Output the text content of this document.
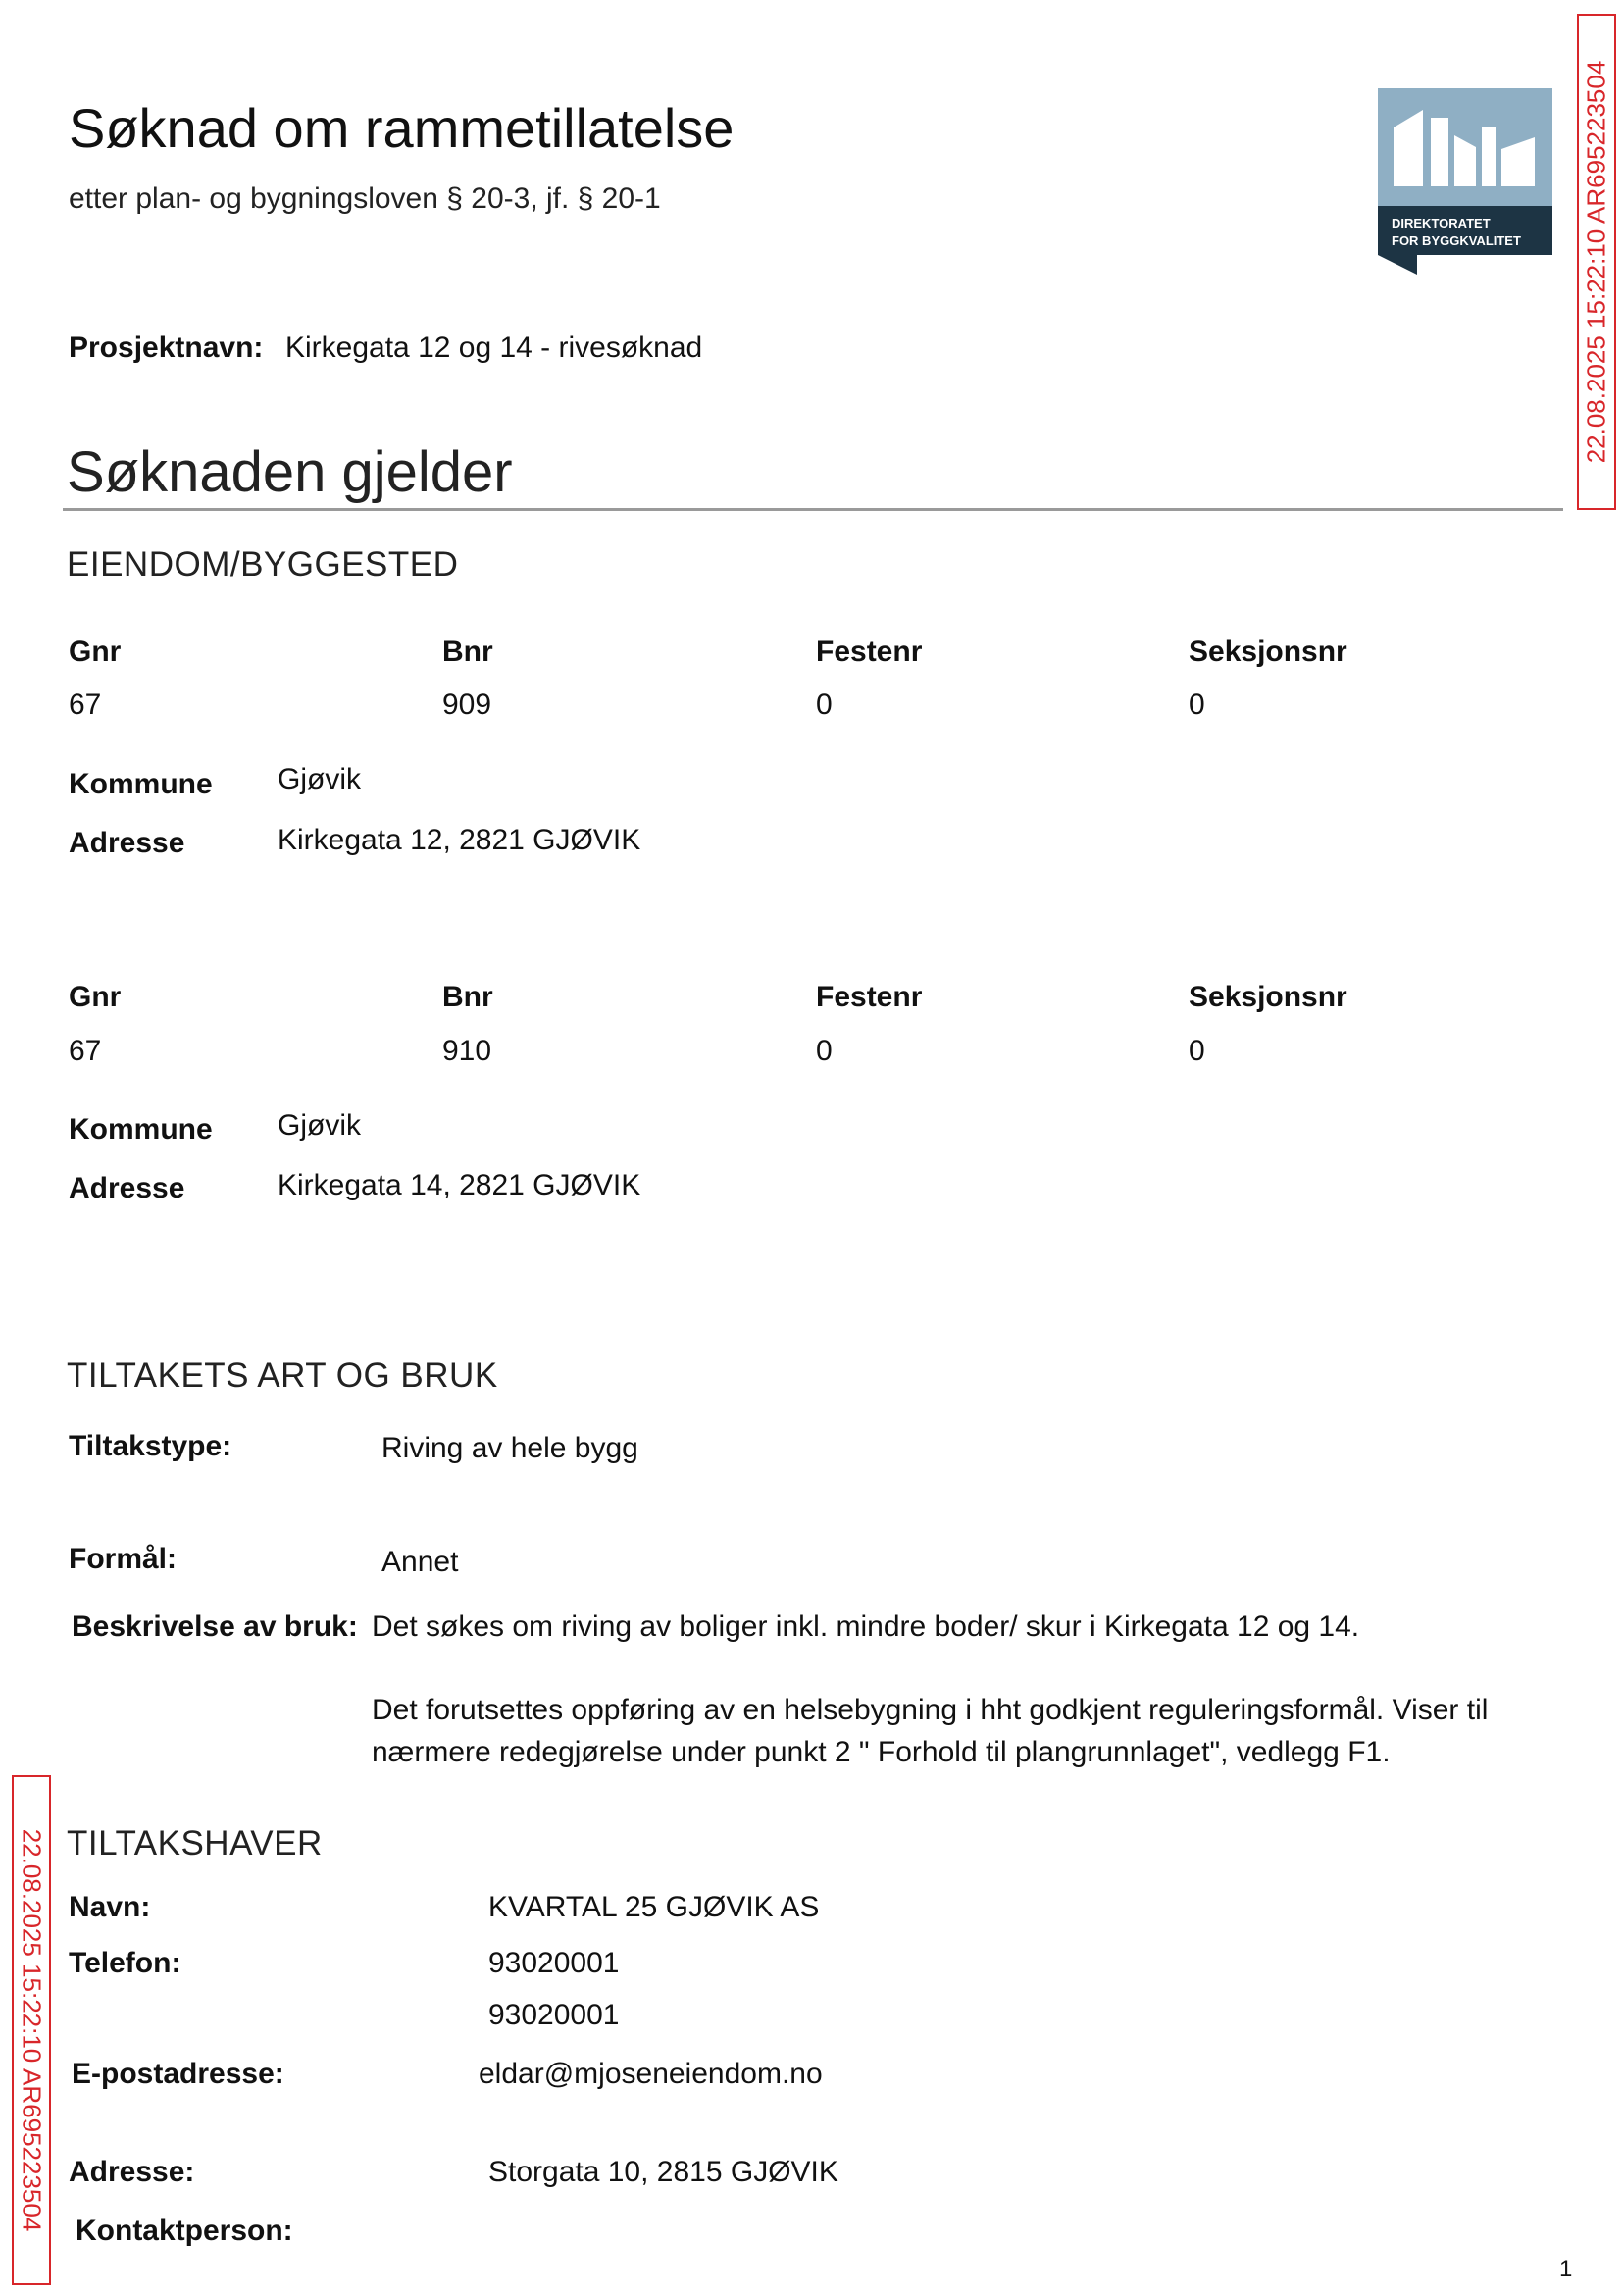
Søknad om rammetillatelse
etter plan- og bygningsloven § 20-3, jf. § 20-1
DIREKTORATET
FOR BYGGKVALITET 22.08.2025 15:22:10 AR695223504
Prosjektnavn: Kirkegata 12 og 14 - rivesøknad
Søknaden gjelder
EIENDOM/BYGGESTED
Gnr	Bnr	Festenr	Seksjonsnr
67	909	0	0
Kommune Gjøvik
Adresse	Kirkegata 12, 2821 GJØVIK
Gnr	Bnr	Festenr	Seksjonsnr
67	910	0	0
Kommune Gjøvik
Adresse	Kirkegata 14, 2821 GJØVIK
TILTAKETS ART OG BRUK
Tiltakstype:	Riving av hele bygg
Formål:	Annet
Beskrivelse av bruk: Det søkes om riving av boliger inkl. mindre boder/ skur i Kirkegata 12 og 14.
Det forutsettes oppføring av en helsebygning i hht godkjent reguleringsformål. Viser til
nærmere redegjørelse under punkt 2 " Forhold til plangrunnlaget", vedlegg F1.
TILTAKSHAVER
Navn:	KVARTAL 25 GJØVIK AS
Telefon:	93020001
93020001
E-postadresse:	eldar@mjoseneiendom.no
Adresse:	Storgata 10, 2815 GJØVIK
Kontaktperson:
22.08.2025 15:22:10 AR695223504
1
